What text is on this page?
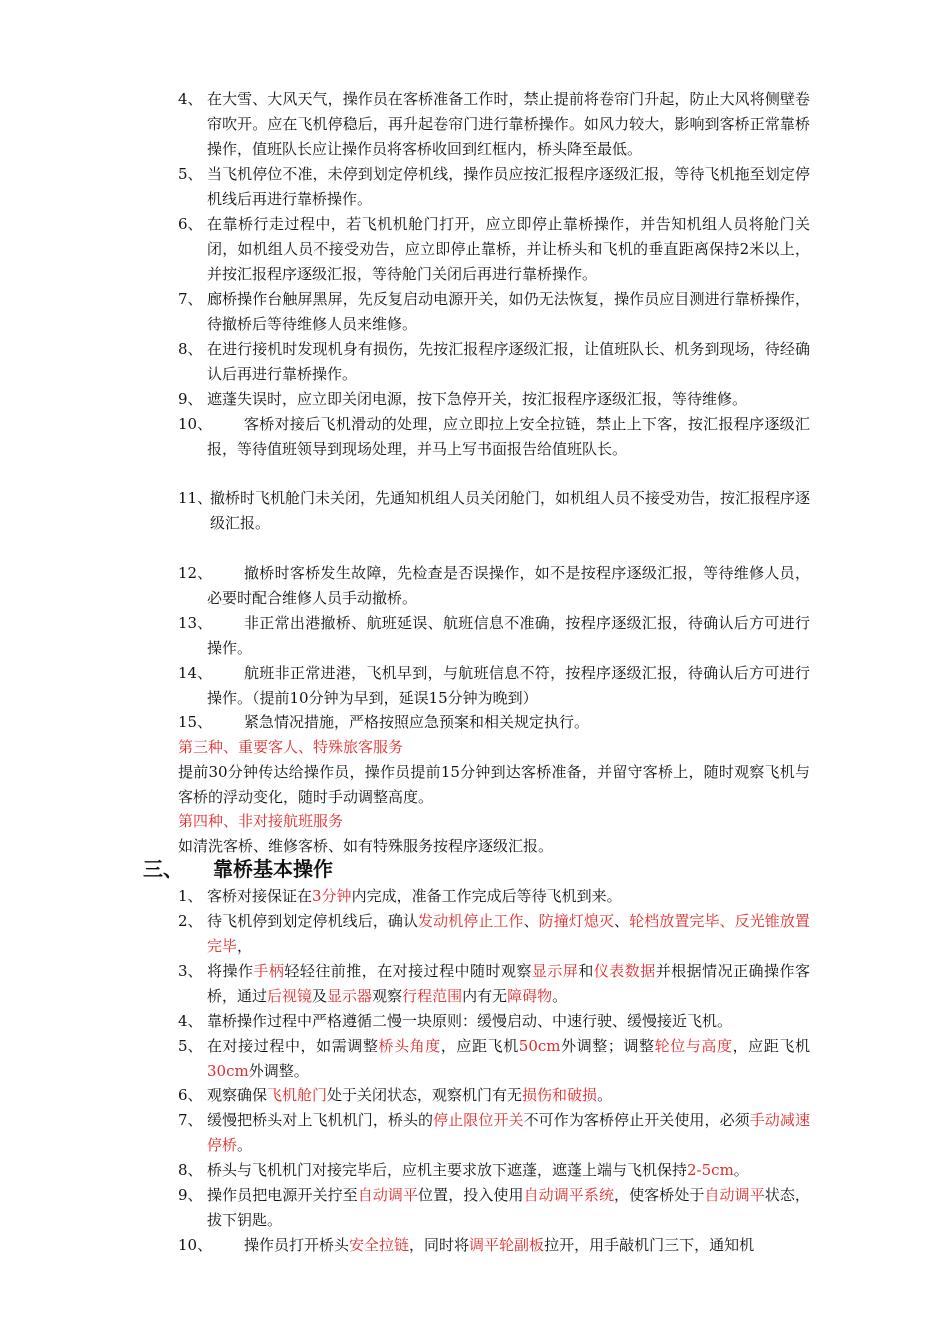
4、 在大雪、大风天气，操作员在客桥准备工作时，禁止提前将卷帘门升起，防止大风将侧壁卷帘吹开。应在飞机停稳后，再升起卷帘门进行靠桥操作。如风力较大，影响到客桥正常靠桥操作，值班队长应让操作员将客桥收回到红框内，桥头降至最低。
5、 当飞机停位不准，未停到划定停机线，操作员应按汇报程序逐级汇报，等待飞机拖至划定停机线后再进行靠桥操作。
6、 在靠桥行走过程中，若飞机机舱门打开，应立即停止靠桥操作，并告知机组人员将舱门关闭，如机组人员不接受劝告，应立即停止靠桥，并让桥头和飞机的垂直距离保持2米以上，并按汇报程序逐级汇报，等待舱门关闭后再进行靠桥操作。
7、 廊桥操作台触屏黑屏，先反复启动电源开关，如仍无法恢复，操作员应目测进行靠桥操作，待撤桥后等待维修人员来维修。
8、 在进行接机时发现机身有损伤，先按汇报程序逐级汇报，让值班队长、机务到现场，待经确认后再进行靠桥操作。
9、 遮蓬失误时，应立即关闭电源，按下急停开关，按汇报程序逐级汇报，等待维修。
10、	客桥对接后飞机滑动的处理，应立即拉上安全拉链，禁止上下客，按汇报程序逐级汇报，等待值班领导到现场处理，并马上写书面报告给值班队长。
11、
撤桥时飞机舱门未关闭，先通知机组人员关闭舱门，如机组人员不接受劝告，按汇报程序逐级汇报。
12、	撤桥时客桥发生故障，先检查是否误操作，如不是按程序逐级汇报，等待维修人员，必要时配合维修人员手动撤桥。
13、	非正常出港撤桥、航班延误、航班信息不准确，按程序逐级汇报，待确认后方可进行操作。
14、	航班非正常进港，飞机早到，与航班信息不符，按程序逐级汇报，待确认后方可进行操作。（提前10分钟为早到，延误15分钟为晚到）
15、	紧急情况措施，严格按照应急预案和相关规定执行。
第三种、重要客人、特殊旅客服务
提前30分钟传达给操作员，操作员提前15分钟到达客桥准备，并留守客桥上，随时观察飞机与客桥的浮动变化，随时手动调整高度。
第四种、非对接航班服务
如清洗客桥、维修客桥、如有特殊服务按程序逐级汇报。
三、 靠桥基本操作
1、 客桥对接保证在3分钟内完成，准备工作完成后等待飞机到来。
2、 待飞机停到划定停机线后，确认发动机停止工作、防撞灯熄灭、轮档放置完毕、反光锥放置完毕，
3、 将操作手柄轻轻往前推，在对接过程中随时观察显示屏和仪表数据并根据情况正确操作客桥，通过后视镜及显示器观察行程范围内有无障碍物。
4、 靠桥操作过程中严格遵循二慢一块原则：缓慢启动、中速行驶、缓慢接近飞机。
5、 在对接过程中，如需调整桥头角度，应距飞机50cm外调整；调整轮位与高度，应距飞机30cm外调整。
6、 观察确保飞机舱门处于关闭状态，观察机门有无损伤和破损。
7、 缓慢把桥头对上飞机机门，桥头的停止限位开关不可作为客桥停止开关使用，必须手动减速停桥。
8、 桥头与飞机机门对接完毕后，应机主要求放下遮蓬，遮蓬上端与飞机保持2-5cm。
9、 操作员把电源开关拧至自动调平位置，投入使用自动调平系统，使客桥处于自动调平状态，拔下钥匙。
10、	操作员打开桥头安全拉链，同时将调平轮副板拉开，用手敲机门三下，通知机
